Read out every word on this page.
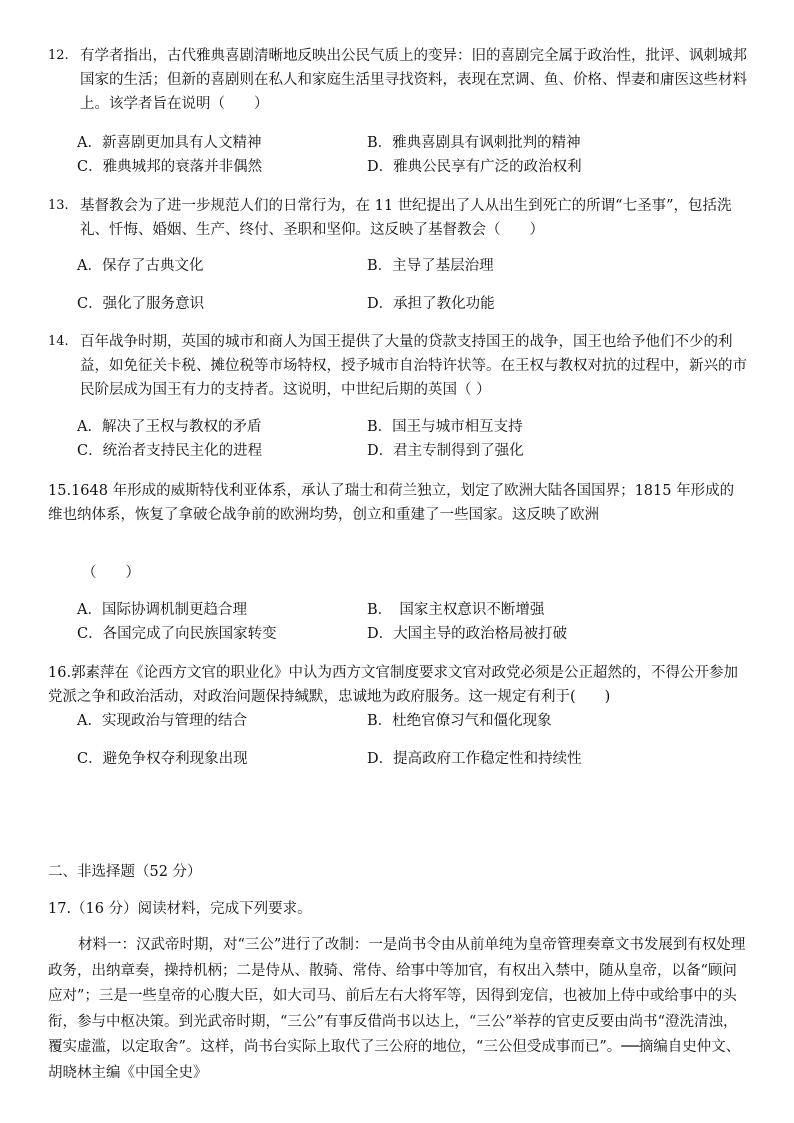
12. 有学者指出，古代雅典喜剧清晰地反映出公民气质上的变异：旧的喜剧完全属于政治性，批评、讽刺城邦国家的生活；但新的喜剧则在私人和家庭生活里寻找资料，表现在烹调、鱼、价格、悍妻和庸医这些材料上。该学者旨在说明（　　）
A．新喜剧更加具有人文精神	B．雅典喜剧具有讽刺批判的精神
C．雅典城邦的衰落并非偶然	D．雅典公民享有广泛的政治权利
13. 基督教会为了进一步规范人们的日常行为，在 11 世纪提出了人从出生到死亡的所谓“七圣事”，包括洗礼、忏悔、婚姻、生产、终付、圣职和坚仰。这反映了基督教会（　　）
A．保存了古典文化	B．主导了基层治理
C．强化了服务意识	D．承担了教化功能
14. 百年战争时期，英国的城市和商人为国王提供了大量的贷款支持国王的战争，国王也给予他们不少的利益，如免征关卡税、摊位税等市场特权，授予城市自治特许状等。在王权与教权对抗的过程中，新兴的市民阶层成为国王有力的支持者。这说明，中世纪后期的英国（ ）
A．解决了王权与教权的矛盾	B．国王与城市相互支持
C．统治者支持民主化的进程	D．君主专制得到了强化
15.1648 年形成的威斯特伐利亚体系，承认了瑞士和荷兰独立，划定了欧洲大陆各国国界；1815 年形成的维也纳体系，恢复了拿破仑战争前的欧洲均势，创立和重建了一些国家。这反映了欧洲
（　　）
A．国际协调机制更趋合理	B．　国家主权意识不断增强
C．各国完成了向民族国家转变	D．大国主导的政治格局被打破
16.郭素萍在《论西方文官的职业化》中认为西方文官制度要求文官对政党必须是公正超然的，不得公开参加党派之争和政治活动，对政治问题保持缄默，忠诚地为政府服务。这一规定有利于(　　)
A．实现政治与管理的结合	B．杜绝官僚习气和僵化现象
C．避免争权夺利现象出现	D．提高政府工作稳定性和持续性
二、非选择题（52 分）
17.（16 分）阅读材料，完成下列要求。
材料一：汉武帝时期，对“三公”进行了改制：一是尚书令由从前单纯为皇帝管理奏章文书发展到有权处理政务，出纳章奏，操持机柄；二是侍从、散骑、常侍、给事中等加官，有权出入禁中，随从皇帝，以备“顾问应对”；三是一些皇帝的心腹大臣，如大司马、前后左右大将军等，因得到宠信，也被加上侍中或给事中的头衔，参与中枢决策。到光武帝时期，“三公”有事反借尚书以达上，“三公”举荐的官吏反要由尚书“澄洗清浊，覆实虚滥，以定取舍”。这样，尚书台实际上取代了三公府的地位，“三公但受成事而已”。──摘编自史仲文、胡晓林主编《中国全史》
